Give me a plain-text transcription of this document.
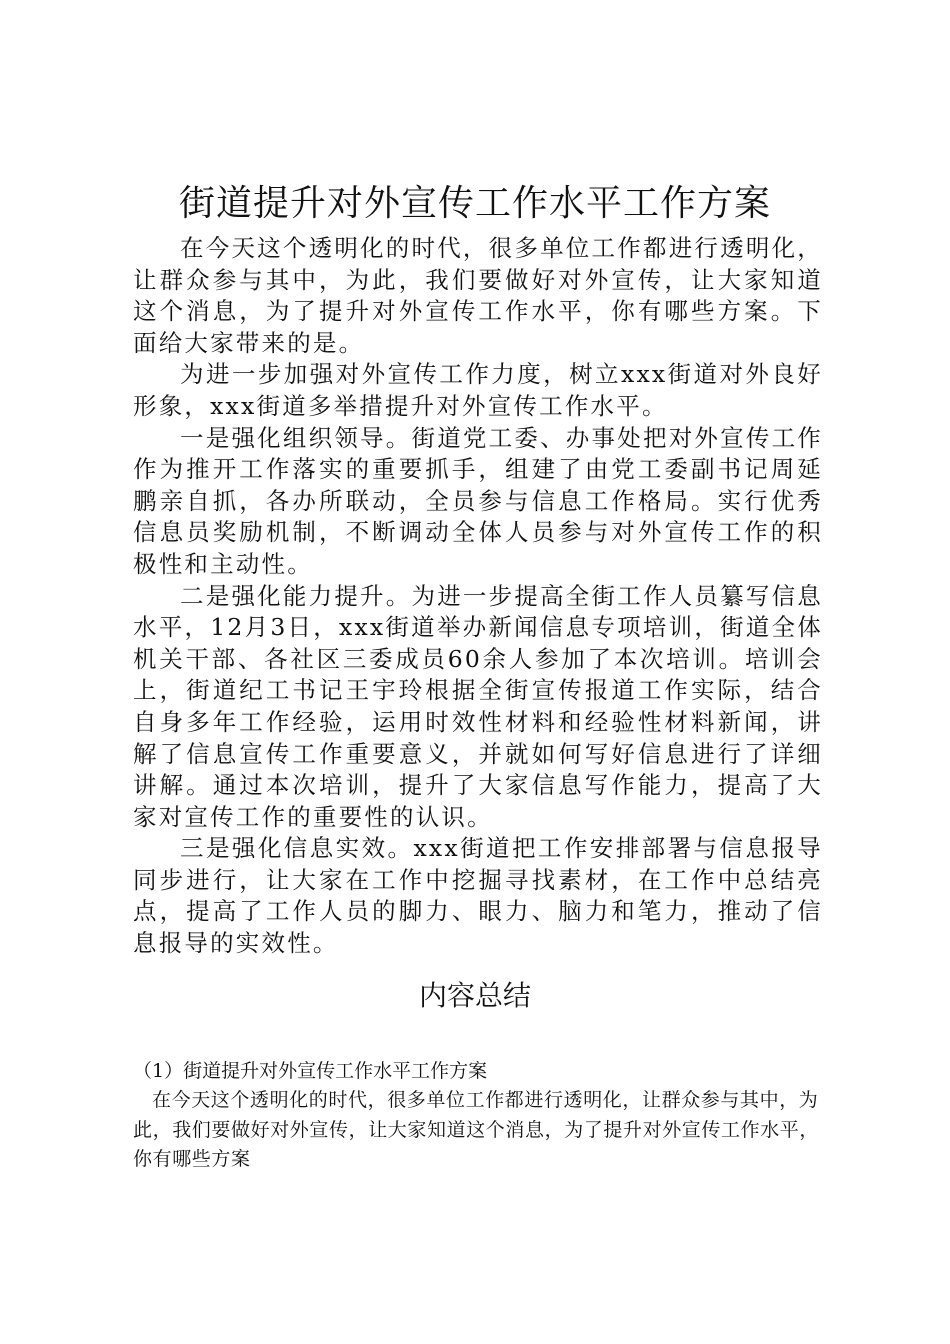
街道提升对外宣传工作水平工作方案

在今天这个透明化的时代，很多单位工作都进行透明化，让群众参与其中，为此，我们要做好对外宣传，让大家知道这个消息，为了提升对外宣传工作水平，你有哪些方案。下面给大家带来的是。

为进一步加强对外宣传工作力度，树立xxx街道对外良好形象，xxx街道多举措提升对外宣传工作水平。

一是强化组织领导。街道党工委、办事处把对外宣传工作作为推开工作落实的重要抓手，组建了由党工委副书记周延鹏亲自抓，各办所联动，全员参与信息工作格局。实行优秀信息员奖励机制，不断调动全体人员参与对外宣传工作的积极性和主动性。

二是强化能力提升。为进一步提高全街工作人员纂写信息水平，12月3日，xxx街道举办新闻信息专项培训，街道全体机关干部、各社区三委成员60余人参加了本次培训。培训会上，街道纪工书记王宇玲根据全街宣传报道工作实际，结合自身多年工作经验，运用时效性材料和经验性材料新闻，讲解了信息宣传工作重要意义，并就如何写好信息进行了详细讲解。通过本次培训，提升了大家信息写作能力，提高了大家对宣传工作的重要性的认识。

三是强化信息实效。xxx街道把工作安排部署与信息报导同步进行，让大家在工作中挖掘寻找素材，在工作中总结亮点，提高了工作人员的脚力、眼力、脑力和笔力，推动了信息报导的实效性。

内容总结

（1）街道提升对外宣传工作水平工作方案

在今天这个透明化的时代，很多单位工作都进行透明化，让群众参与其中，为此，我们要做好对外宣传，让大家知道这个消息，为了提升对外宣传工作水平，你有哪些方案
